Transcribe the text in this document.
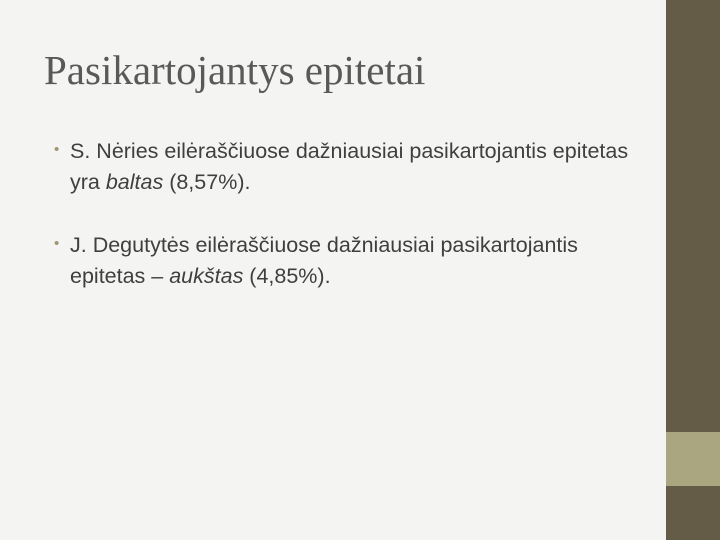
Pasikartojantys epitetai
• S. Nėries eilėraščiuose dažniausiai pasikartojantis epitetas yra baltas (8,57%).
• J. Degutytės eilėraščiuose dažniausiai pasikartojantis epitetas – aukštas (4,85%).
